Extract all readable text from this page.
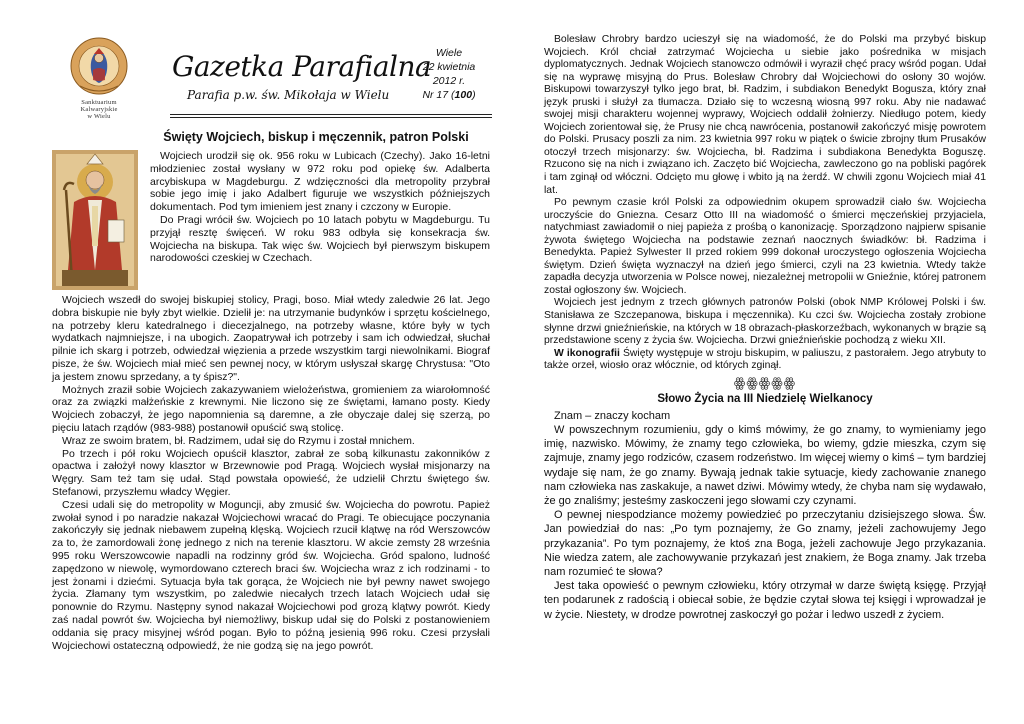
Sanktuarium
Kalwaryjskie
w Wielu
Gazetka Parafialna
Parafia p.w. św. Mikołaja w Wielu
Wiele
22 kwietnia
2012 r.
Nr 17 (100)
Święty Wojciech, biskup i męczennik, patron Polski

Wojciech urodził się ok. 956 roku w Lubicach (Czechy). Jako 16-letni młodzieniec został wysłany w 972 roku pod opiekę św. Adalberta arcybiskupa w Magdeburgu. Z wdzięczności dla metropolity przybrał sobie jego imię i jako Adalbert figuruje we wszystkich późniejszych dokumentach. Pod tym imieniem jest znany i czczony w Europie.

Do Pragi wrócił św. Wojciech po 10 latach pobytu w Magdeburgu. Tu przyjął resztę święceń. W roku 983 odbyła się konsekracja św. Wojciecha na biskupa. Tak więc św. Wojciech był pierwszym biskupem narodowości czeskiej w Czechach.

Wojciech wszedł do swojej biskupiej stolicy, Pragi, boso. Miał wtedy zaledwie 26 lat. Jego dobra biskupie nie były zbyt wielkie. Dzielił je: na utrzymanie budynków i sprzętu kościelnego, na potrzeby kleru katedralnego i diecezjalnego, na potrzeby własne, które były w tych wydatkach najmniejsze, i na ubogich. Zaopatrywał ich potrzeby i sam ich odwiedzał, słuchał pilnie ich skarg i potrzeb, odwiedzał więzienia a przede wszystkim targi niewolnikami. Biograf pisze, że św. Wojciech miał mieć sen pewnej nocy, w którym usłyszał skargę Chrystusa: "Oto ja jestem znowu sprzedany, a ty śpisz?".

Możnych zraził sobie Wojciech zakazywaniem wielożeństwa, gromieniem za wiarołomność oraz za związki małżeńskie z krewnymi. Nie liczono się ze świętami, łamano posty. Kiedy Wojciech zobaczył, że jego napomnienia są daremne, a złe obyczaje dalej się szerzą, po pięciu latach rządów (983-988) postanowił opuścić swą stolicę.

Wraz ze swoim bratem, bł. Radzimem, udał się do Rzymu i został mnichem.

Po trzech i pół roku Wojciech opuścił klasztor, zabrał ze sobą kilkunastu zakonników z opactwa i założył nowy klasztor w Brzewnowie pod Pragą. Wojciech wysłał misjonarzy na Węgry. Sam też tam się udał. Stąd powstała opowieść, że udzielił Chrztu świętego św. Stefanowi, przyszłemu władcy Węgier.

Czesi udali się do metropolity w Moguncji, aby zmusić św. Wojciecha do powrotu. Papież zwołał synod i po naradzie nakazał Wojciechowi wracać do Pragi. Te obiecujące poczynania zakończyły się jednak niebawem zupełną klęską. Wojciech rzucił klątwę na ród Werszowców za to, że zamordowali żonę jednego z nich na terenie klasztoru. W akcie zemsty 28 września 995 roku Werszowcowie napadli na rodzinny gród św. Wojciecha. Gród spalono, ludność zapędzono w niewolę, wymordowano czterech braci św. Wojciecha wraz z ich rodzinami - to jest żonami i dziećmi. Sytuacja była tak gorąca, że Wojciech nie był pewny nawet swojego życia. Złamany tym wszystkim, po zaledwie niecałych trzech latach Wojciech udał się ponownie do Rzymu. Następny synod nakazał Wojciechowi pod grozą klątwy powrót. Kiedy zaś nadal powrót św. Wojciecha był niemożliwy, biskup udał się do Polski z postanowieniem oddania się pracy misyjnej wśród pogan. Było to późną jesienią 996 roku. Czesi przysłali Wojciechowi ostateczną odpowiedź, że nie godzą się na jego powrót.

Bolesław Chrobry bardzo ucieszył się na wiadomość, że do Polski ma przybyć biskup Wojciech. Król chciał zatrzymać Wojciecha u siebie jako pośrednika w misjach dyplomatycznych. Jednak Wojciech stanowczo odmówił i wyraził chęć pracy wśród pogan. Udał się na wyprawę misyjną do Prus. Bolesław Chrobry dał Wojciechowi do osłony 30 wojów. Biskupowi towarzyszył tylko jego brat, bł. Radzim, i subdiakon Benedykt Bogusza, który znał język pruski i służył za tłumacza. Działo się to wczesną wiosną 997 roku. Aby nie nadawać swojej misji charakteru wojennej wyprawy, Wojciech oddalił żołnierzy. Niedługo potem, kiedy Wojciech zorientował się, że Prusy nie chcą nawrócenia, postanowił zakończyć misję powrotem do Polski. Prusacy poszli za nim. 23 kwietnia 997 roku w piątek o świcie zbrojny tłum Prusaków otoczył trzech misjonarzy: św. Wojciecha, bł. Radzima i subdiakona Benedykta Boguszę. Rzucono się na nich i związano ich. Zaczęto bić Wojciecha, zawleczono go na pobliski pagórek i tam zginął od włóczni. Odcięto mu głowę i wbito ją na żerdź. W chwili zgonu Wojciech miał 41 lat.

Po pewnym czasie król Polski za odpowiednim okupem sprowadził ciało św. Wojciecha uroczyście do Gniezna. Cesarz Otto III na wiadomość o śmierci męczeńskiej przyjaciela, natychmiast zawiadomił o niej papieża z prośbą o kanonizację. Sporządzono najpierw spisanie żywota świętego Wojciecha na podstawie zeznań naocznych świadków: bł. Radzima i Benedykta. Papież Sylwester II przed rokiem 999 dokonał uroczystego ogłoszenia Wojciecha świętym. Dzień święta wyznaczył na dzień jego śmierci, czyli na 23 kwietnia. Wtedy także zapadła decyzja utworzenia w Polsce nowej, niezależnej metropolii w Gnieźnie, której patronem został ogłoszony św. Wojciech.

Wojciech jest jednym z trzech głównych patronów Polski (obok NMP Królowej Polski i św. Stanisława ze Szczepanowa, biskupa i męczennika). Ku czci św. Wojciecha zostały zrobione słynne drzwi gnieźnieńskie, na których w 18 obrazach-płaskorzeźbach, wykonanych w brązie są przedstawione sceny z życia św. Wojciecha. Drzwi gnieźnieńskie pochodzą z wieku XII.

W ikonografii Święty występuje w stroju biskupim, w paliuszu, z pastorałem. Jego atrybuty to także orzeł, wiosło oraz włócznie, od których zginął.

ꙮꙮꙮꙮꙮ
Słowo Życia na III Niedzielę Wielkanocy

Znam – znaczy kocham

W powszechnym rozumieniu, gdy o kimś mówimy, że go znamy, to wymieniamy jego imię, nazwisko. Mówimy, że znamy tego człowieka, bo wiemy, gdzie mieszka, czym się zajmuje, znamy jego rodziców, czasem rodzeństwo. Im więcej wiemy o kimś – tym bardziej wydaje się nam, że go znamy. Bywają jednak takie sytuacje, kiedy zachowanie znanego nam człowieka nas zaskakuje, a nawet dziwi. Mówimy wtedy, że chyba nam się wydawało, że go znaliśmy; jesteśmy zaskoczeni jego słowami czy czynami.

O pewnej niespodziance możemy powiedzieć po przeczytaniu dzisiejszego słowa. Św. Jan powiedział do nas: „Po tym poznajemy, że Go znamy, jeżeli zachowujemy Jego przykazania”. Po tym poznajemy, że ktoś zna Boga, jeżeli zachowuje Jego przykazania. Nie wiedza zatem, ale zachowywanie przykazań jest znakiem, że Boga znamy. Jak trzeba nam rozumieć te słowa?

Jest taka opowieść o pewnym człowieku, który otrzymał w darze świętą księgę. Przyjął ten podarunek z radością i obiecał sobie, że będzie czytał słowa tej księgi i wprowadzał je w życie. Niestety, w drodze powrotnej zaskoczył go pożar i ledwo uszedł z życiem.
